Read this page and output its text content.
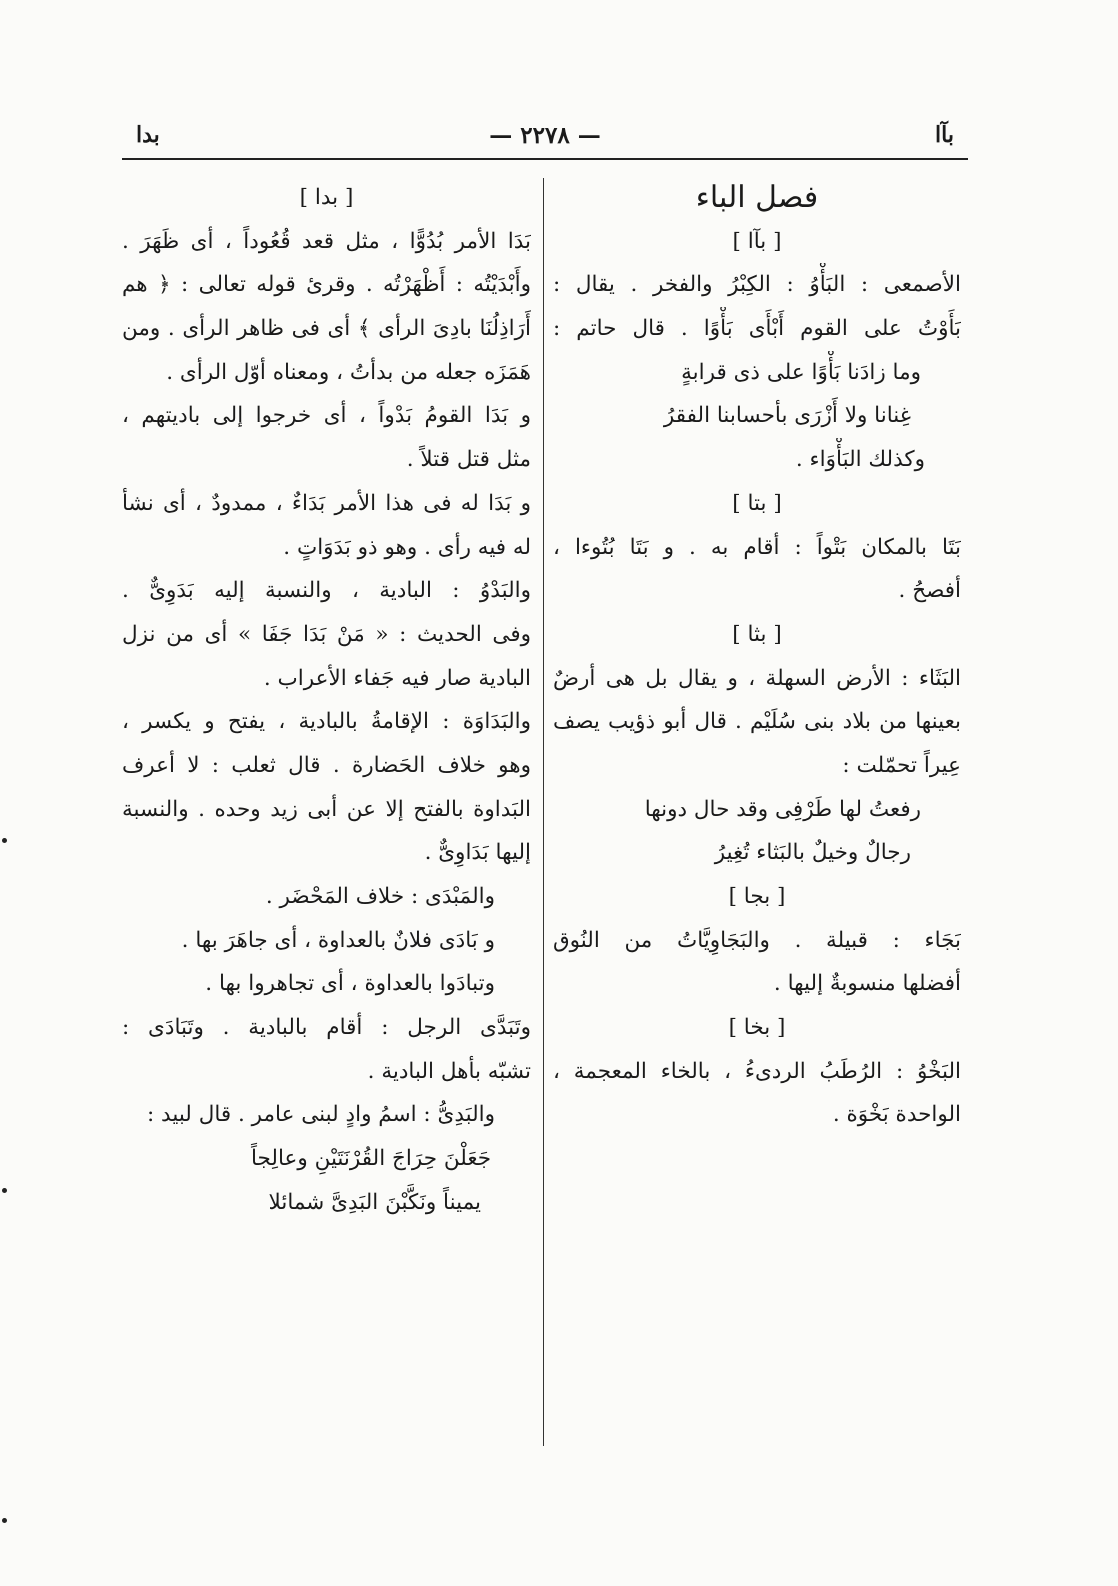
بآا
— ٢٢٧٨ —
بدا
فصل الباء
[ بآا ]
الأصمعى : البَأْوُ : الكِبْرُ والفخر . يقال :
بَأَوْتُ على القوم أَبْأَى بَأْوًا . قال حاتم :
وما زادَنا بَأْوًا على ذى قرابةٍ
غِنانا ولا أَزْرَى بأحسابنا الفقرُ
وكذلك البَأْوَاء .
[ بتا ]
بَتَا بالمكان بَتْواً : أقام به . و بَتَا بُتُوءا ،
أفصحُ .
[ بثا ]
البَثَاء : الأرض السهلة ، و يقال بل هى أرضٌ
بعينها من بلاد بنى سُلَيْم . قال أبو ذؤيب يصف
عِيراً تحمّلت :
رفعتُ لها طَرْفِى وقد حال دونها
رجالٌ وخيلٌ بالبَثاء تُغِيرُ
[ بجا ]
بَجَاء : قبيلة . والبَجَاوِيَّاتُ من النُوق
أفضلها منسوبةٌ إليها .
[ بخا ]
البَخْوُ : الرُطَبُ الردىءُ ، بالخاء المعجمة ،
الواحدة بَخْوَة .
[ بدا ]
بَدَا الأمر بُدُوًّا ، مثل قعد قُعُوداً ، أى ظَهَرَ .
وأَبْدَيْتُه : أَظْهَرْتُه . وقرئ قوله تعالى : ﴿ هم
أَرَاذِلُنَا بادِىَ الرأى ﴾ أى فى ظاهر الرأى . ومن
هَمَزَه جعله من بدأتُ ، ومعناه أوّل الرأى .
و بَدَا القومُ بَدْواً ، أى خرجوا إلى باديتهم ،
مثل قتل قتلاً .
و بَدَا له فى هذا الأمر بَدَاءٌ ، ممدودٌ ، أى نشأ
له فيه رأى . وهو ذو بَدَوَاتٍ .
والبَدْوُ : البادية ، والنسبة إليه بَدَوِىٌّ .
وفى الحديث : « مَنْ بَدَا جَفَا » أى من نزل
البادية صار فيه جَفاء الأعراب .
والبَدَاوَة : الإقامةُ بالبادية ، يفتح و يكسر ،
وهو خلاف الحَضارة . قال ثعلب : لا أعرف
البَداوة بالفتح إلا عن أبى زيد وحده . والنسبة
إليها بَدَاوِىٌّ .
والمَبْدَى : خلاف المَحْضَر .
و بَادَى فلانٌ بالعداوة ، أى جاهَرَ بها .
وتبادَوا بالعداوة ، أى تجاهروا بها .
وتَبَدَّى الرجل : أقام بالبادية . وتَبَادَى :
تشبّه بأهل البادية .
والبَدِىُّ : اسمُ وادٍ لبنى عامر . قال لبيد :
جَعَلْنَ حِرَاجَ القُرْنَتَيْنِ وعالِجاً
يميناً ونَكَّبْنَ البَدِىَّ شمائلا
